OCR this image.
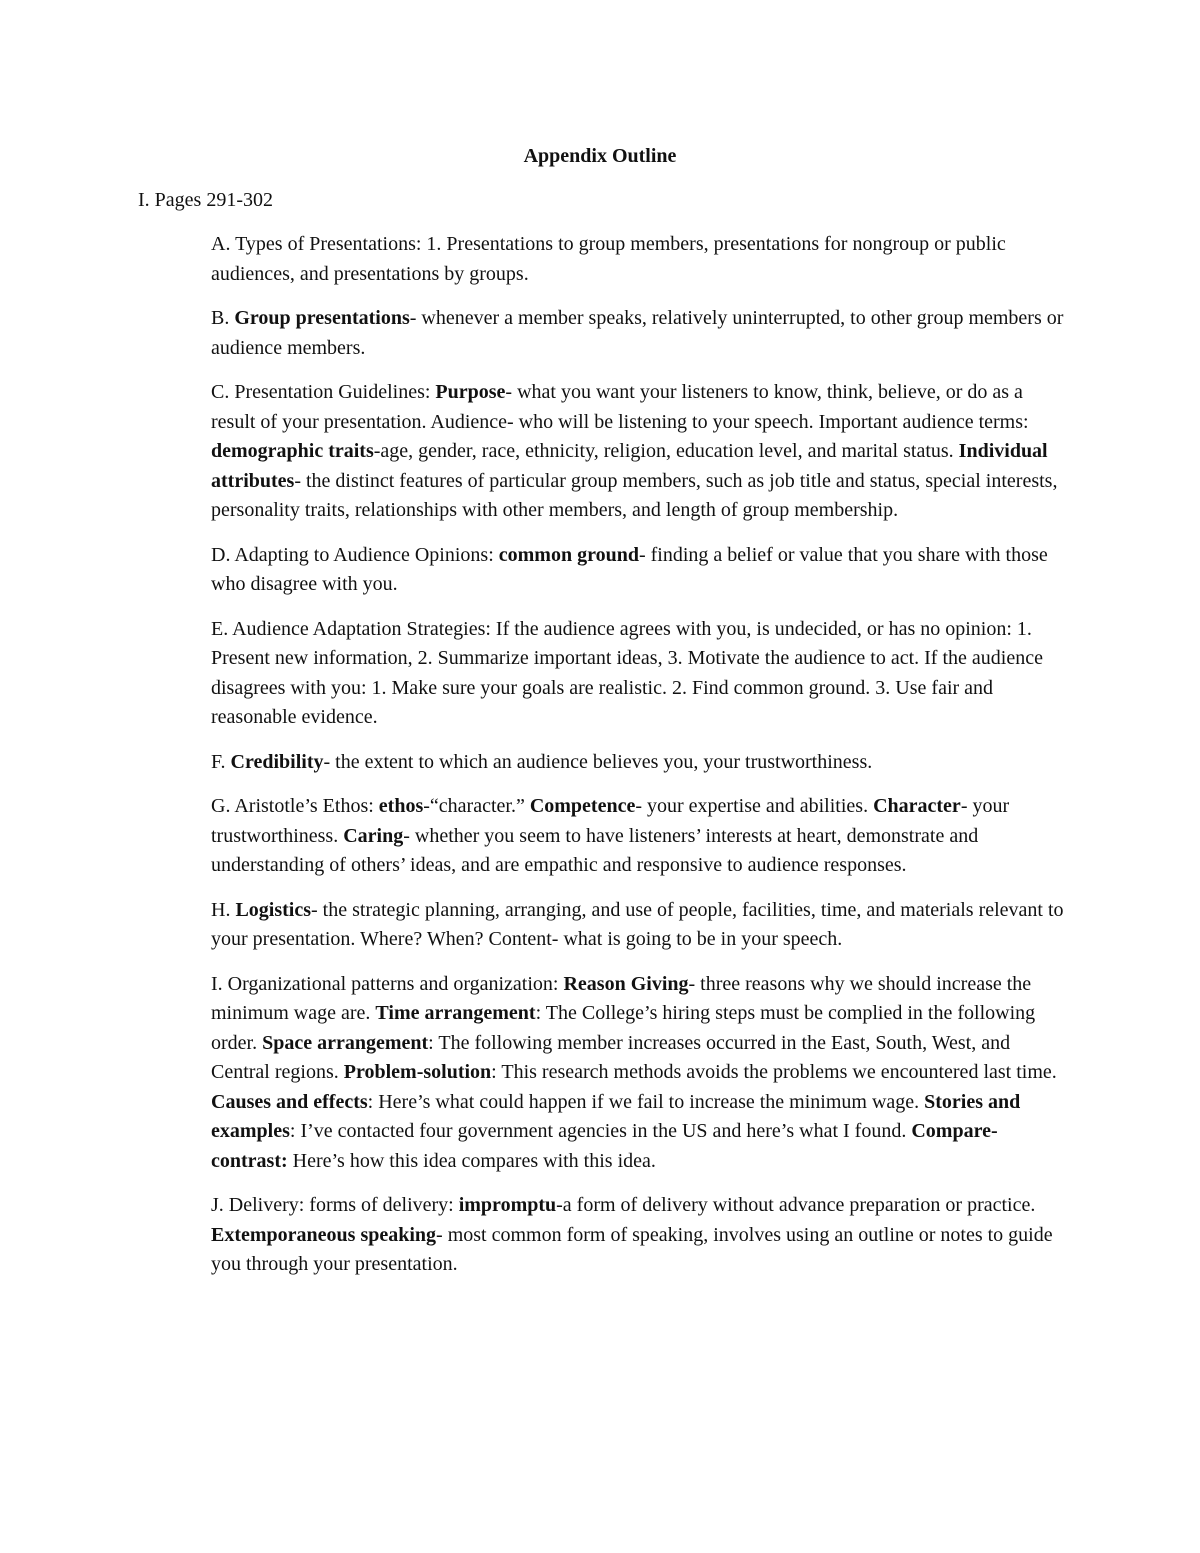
Appendix Outline
I. Pages 291-302
A. Types of Presentations: 1. Presentations to group members, presentations for nongroup or public audiences, and presentations by groups.
B. Group presentations- whenever a member speaks, relatively uninterrupted, to other group members or audience members.
C. Presentation Guidelines: Purpose- what you want your listeners to know, think, believe, or do as a result of your presentation. Audience- who will be listening to your speech. Important audience terms: demographic traits-age, gender, race, ethnicity, religion, education level, and marital status. Individual attributes- the distinct features of particular group members, such as job title and status, special interests, personality traits, relationships with other members, and length of group membership.
D. Adapting to Audience Opinions: common ground- finding a belief or value that you share with those who disagree with you.
E. Audience Adaptation Strategies: If the audience agrees with you, is undecided, or has no opinion: 1. Present new information, 2. Summarize important ideas, 3. Motivate the audience to act. If the audience disagrees with you: 1. Make sure your goals are realistic. 2. Find common ground. 3. Use fair and reasonable evidence.
F. Credibility- the extent to which an audience believes you, your trustworthiness.
G. Aristotle’s Ethos: ethos-“character.” Competence- your expertise and abilities. Character- your trustworthiness. Caring- whether you seem to have listeners’ interests at heart, demonstrate and understanding of others’ ideas, and are empathic and responsive to audience responses.
H. Logistics- the strategic planning, arranging, and use of people, facilities, time, and materials relevant to your presentation. Where? When? Content- what is going to be in your speech.
I. Organizational patterns and organization: Reason Giving- three reasons why we should increase the minimum wage are. Time arrangement: The College’s hiring steps must be complied in the following order. Space arrangement: The following member increases occurred in the East, South, West, and Central regions. Problem-solution: This research methods avoids the problems we encountered last time. Causes and effects: Here’s what could happen if we fail to increase the minimum wage. Stories and examples: I’ve contacted four government agencies in the US and here’s what I found. Compare-contrast: Here’s how this idea compares with this idea.
J. Delivery: forms of delivery: impromptu-a form of delivery without advance preparation or practice. Extemporaneous speaking- most common form of speaking, involves using an outline or notes to guide you through your presentation.
